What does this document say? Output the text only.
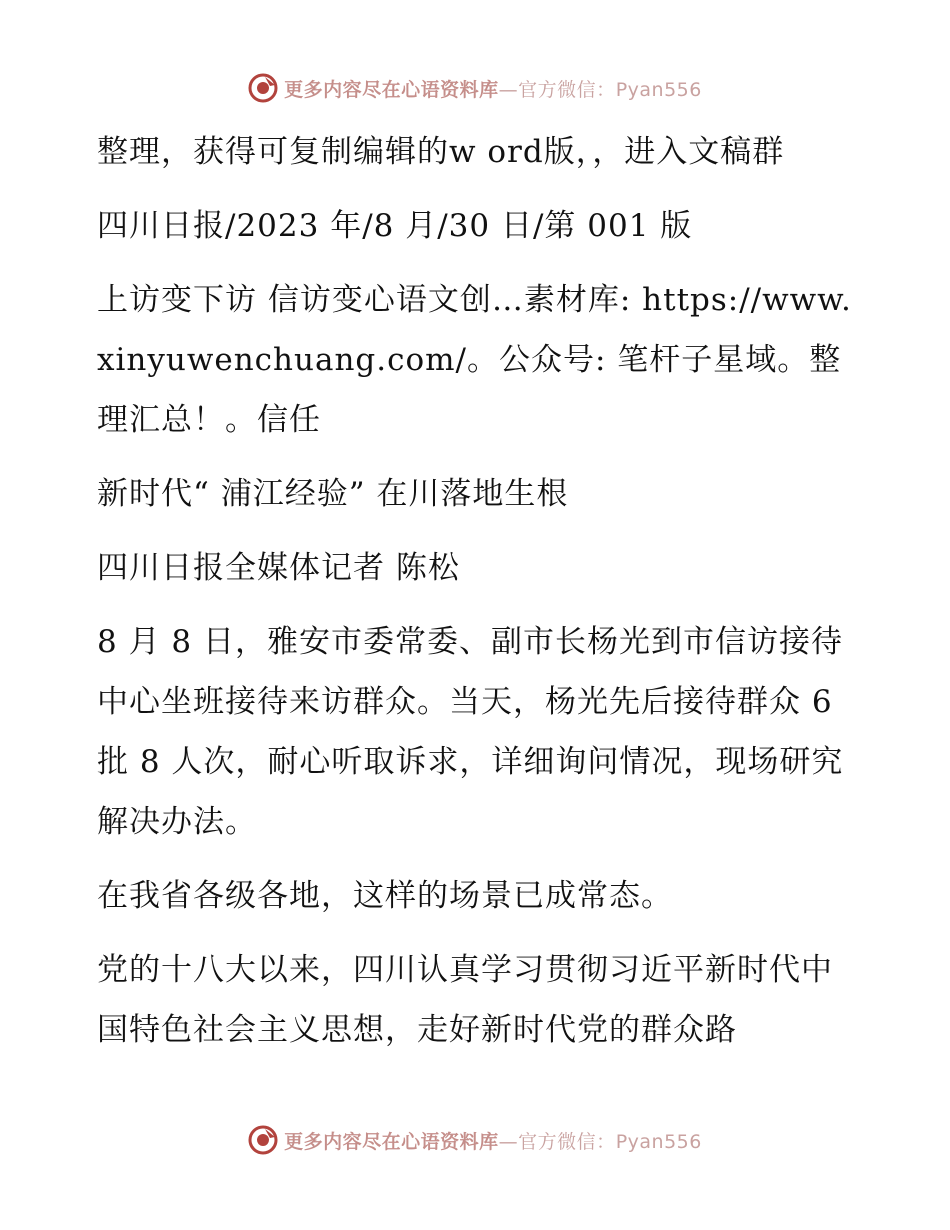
更多内容尽在心语资料库—官方微信：Pyan556

整理，获得可复制编辑的w ord版，，进入文稿群

四川日报/2023 年/8 月/30 日/第 001 版

上访变下访 信访变心语文创…素材库: https://www.xinyuwenchuang.com/。公众号: 笔杆子星域。整理汇总！。信任

新时代“ 浦江经验” 在川落地生根

四川日报全媒体记者 陈松

8 月 8 日，雅安市委常委、副市长杨光到市信访接待中心坐班接待来访群众。当天，杨光先后接待群众 6 批 8 人次，耐心听取诉求，详细询问情况，现场研究解决办法。

在我省各级各地，这样的场景已成常态。

党的十八大以来，四川认真学习贯彻习近平新时代中国特色社会主义思想，走好新时代党的群众路

更多内容尽在心语资料库—官方微信：Pyan556
